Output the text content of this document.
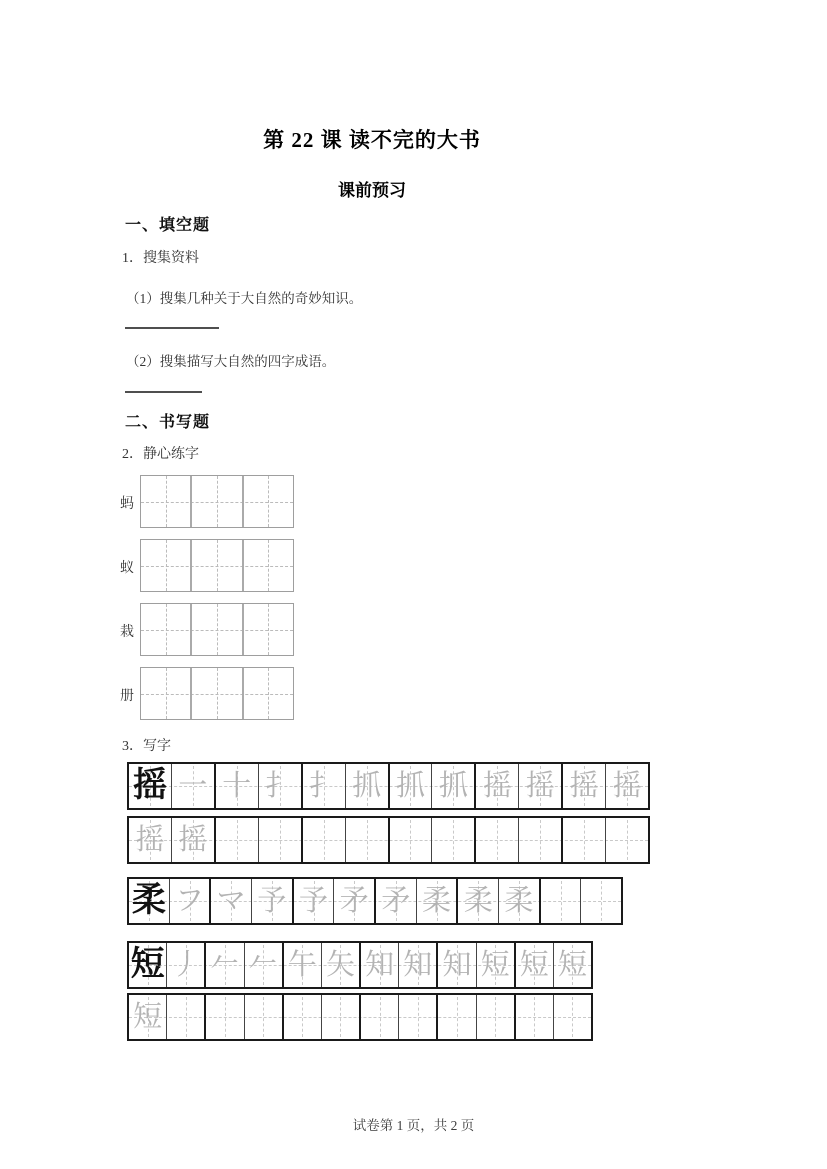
第 22 课 读不完的大书
课前预习
一、填空题
1．搜集资料
（1）搜集几种关于大自然的奇妙知识。
（2）搜集描写大自然的四字成语。
二、书写题
2．静心练字
蚂
蚁
栽
册
3．写字
摇 一 十 扌 扌 抓 抓 抓 摇 摇 摇 摇
摇 摇
柔 フ マ 予 予 矛 矛 柔 柔 柔
短 丿 𠂉 𠂉 午 矢 知 知 知 短 短 短
短
试卷第 1 页，共 2 页
